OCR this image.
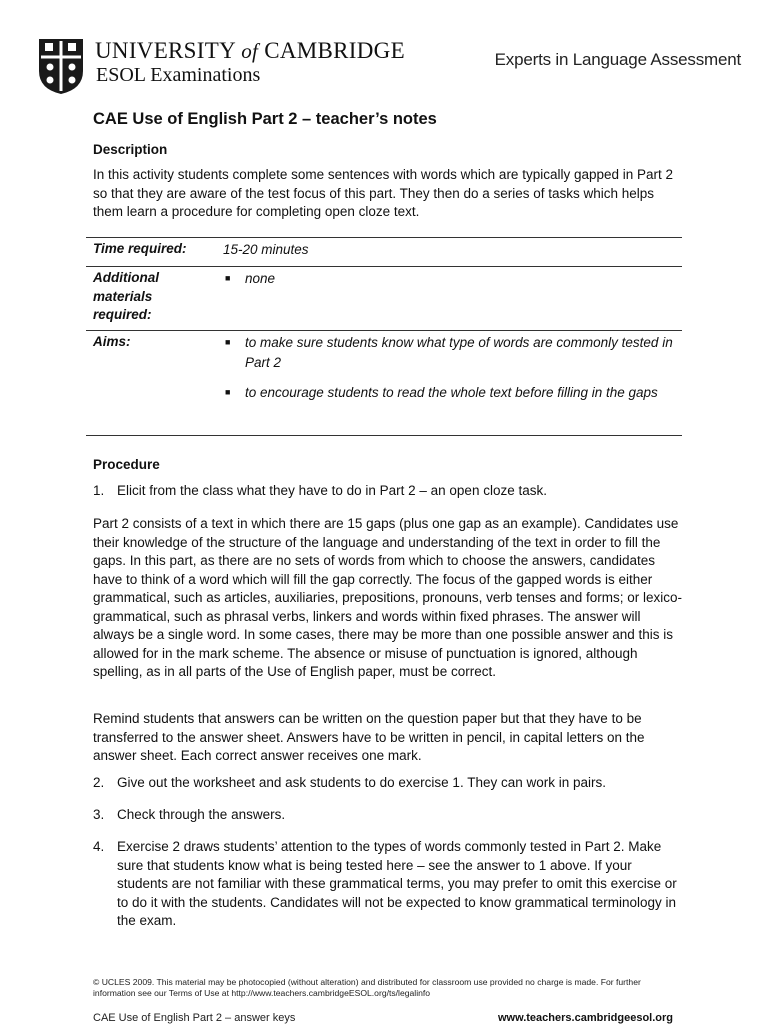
UNIVERSITY of CAMBRIDGE
ESOL Examinations
Experts in Language Assessment
CAE Use of English Part 2 – teacher’s notes

Description

In this activity students complete some sentences with words which are typically gapped in Part 2 so that they are aware of the test focus of this part. They then do a series of tasks which helps them learn a procedure for completing open cloze text.

Time required:	15-20 minutes
Additional materials required:
■ none
Aims:	■ to make sure students know what type of words are commonly tested in Part 2
■ to encourage students to read the whole text before filling in the gaps

Procedure

1. Elicit from the class what they have to do in Part 2 – an open cloze task.

Part 2 consists of a text in which there are 15 gaps (plus one gap as an example). Candidates use their knowledge of the structure of the language and understanding of the text in order to fill the gaps. In this part, as there are no sets of words from which to choose the answers, candidates have to think of a word which will fill the gap correctly. The focus of the gapped words is either grammatical, such as articles, auxiliaries, prepositions, pronouns, verb tenses and forms; or lexico-grammatical, such as phrasal verbs, linkers and words within fixed phrases. The answer will always be a single word. In some cases, there may be more than one possible answer and this is allowed for in the mark scheme. The absence or misuse of punctuation is ignored, although spelling, as in all parts of the Use of English paper, must be correct.

Remind students that answers can be written on the question paper but that they have to be transferred to the answer sheet. Answers have to be written in pencil, in capital letters on the answer sheet. Each correct answer receives one mark.

2. Give out the worksheet and ask students to do exercise 1. They can work in pairs.
3. Check through the answers.
4. Exercise 2 draws students’ attention to the types of words commonly tested in Part 2. Make sure that students know what is being tested here – see the answer to 1 above. If your students are not familiar with these grammatical terms, you may prefer to omit this exercise or to do it with the students. Candidates will not be expected to know grammatical terminology in the exam.

© UCLES 2009. This material may be photocopied (without alteration) and distributed for classroom use provided no charge is made. For further information see our Terms of Use at http://www.teachers.cambridgeESOL.org/ts/legalinfo

CAE Use of English Part 2 – answer keys	www.teachers.cambridgeesol.org
